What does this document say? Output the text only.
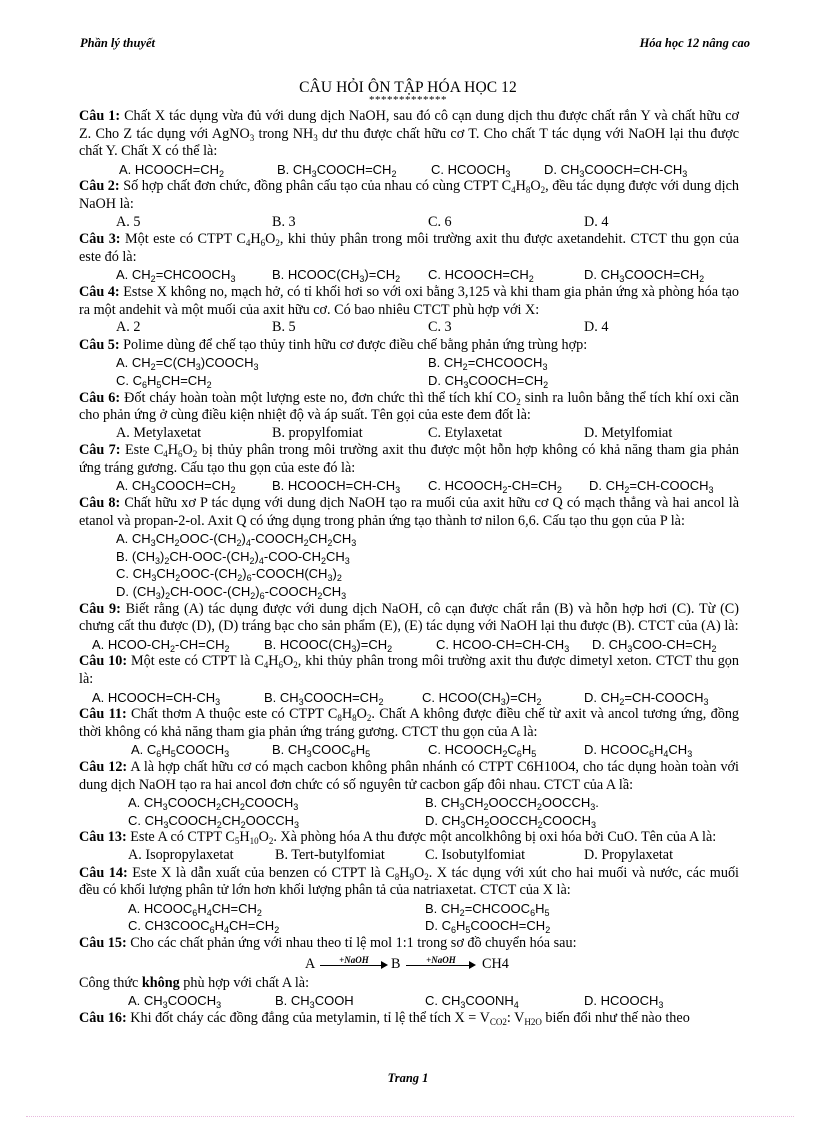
Phần lý thuyết	Hóa học 12 nâng cao
CÂU HỎI ÔN TẬP HÓA HỌC 12
*************

Câu 1: Chất X tác dụng vừa đủ với dung dịch NaOH, sau đó cô cạn dung dịch thu được chất rắn Y và chất hữu cơ Z. Cho Z tác dụng với AgNO$_3$ trong $NH_3$ dư thu được chất hữu cơ T. Cho chất T tác dụng với NaOH lại thu được chất Y. Chất X có thể là:

A. $HCOOCH=CH_2$	B. $CH_3COOCH=CH_2$	C. $HCOOCH_3$	D. $CH_3COOCH=CH-CH_3$

Câu 2: Số hợp chất đơn chức, đồng phân cấu tạo của nhau có cùng CTPT $C_4H_8O_2$, đều tác dụng được với dung dịch NaOH là:

A. 5	B. 3	C. 6	D. 4

Câu 3: Một este có CTPT $C_4H_6O_2$, khi thủy phân trong môi trường axit thu được axetandehit. CTCT thu gọn của este đó là:

A. $CH_2=CHCOOCH_3$	B. $HCOOC(CH_3)=CH_2$ C. $HCOOCH=CH_2$	D. $CH_3COOCH=CH_2$

Câu 4: Estse X không no, mạch hở, có tỉ khối hơi so với oxi bằng 3,125 và khi tham gia phản ứng xà phòng hóa tạo ra một andehit và một muối của axit hữu cơ. Có bao nhiêu CTCT phù hợp với X:

A. 2	B. 5	C. 3	D. 4

Câu 5: Polime dùng để chế tạo thủy tinh hữu cơ được điều chế bằng phản ứng trùng hợp:

A. $CH_2=C(CH_3)COOCH_3$	B. $CH_2=CHCOOCH_3$
C. $C_6H_5CH=CH_2$	D. $CH_3COOCH=CH_2$

Câu 6: Đốt cháy hoàn toàn một lượng este no, đơn chức thì thể tích khí $CO_2$ sinh ra luôn bằng thể tích khí oxi cần cho phản ứng ở cùng điều kiện nhiệt độ và áp suất. Tên gọi của este đem đốt là:

A. Metylaxetat	B. propylfomiat	C. Etylaxetat	D. Metylfomiat

Câu 7: Este $C_4H_6O_2$ bị thủy phân trong môi trường axit thu được một hỗn hợp không có khả năng tham gia phản ứng tráng gương. Cấu tạo thu gọn của este đó là:

A. $CH_3COOCH=CH_2$	B. $HCOOCH=CH-CH_3$ C. $HCOOCH_2-CH=CH_2$ D. $CH_2=CH-COOCH_3$

Câu 8: Chất hữu xơ P tác dụng với dung dịch NaOH tạo ra muối của axit hữu cơ Q có mạch thẳng và hai ancol là etanol và propan-2-ol. Axit Q có ứng dụng trong phản ứng tạo thành tơ nilon 6,6. Cấu tạo thu gọn của P là:

A. $CH_3CH_2OOC-(CH_2)_4-COOCH_2CH_2CH_3$
B. $(CH_3)_2CH-OOC-(CH_2)_4-COO-CH_2CH_3$
C. $CH_3CH_2OOC-(CH_2)_6-COOCH(CH_3)_2$
D. $(CH_3)_2CH-OOC-(CH_2)_6-COOCH_2CH_3$

Câu 9: Biết rằng (A) tác dụng được với dung dịch NaOH, cô cạn được chất rắn (B) và hỗn hợp hơi (C). Từ (C) chưng cất thu được (D), (D) tráng bạc cho sản phẩm (E), (E) tác dụng với NaOH lại thu được (B). CTCT của (A) là:

A. HCOO-$CH_2-CH=CH_2$	B. $HCOOC(CH_3)=CH_2$	C. HCOO-$CH=CH-CH_3$ D. $CH_3COO-CH=CH_2$

Câu 10: Một este có CTPT là $C_4H_6O_2$, khi thủy phân trong môi trường axit thu được dimetyl xeton. CTCT thu gọn là:

A. $HCOOCH=CH-CH_3$	B. $CH_3COOCH=CH_2$	C. $HCOO(CH_3)=CH_2$	D. $CH_2=CH-COOCH_3$

Câu 11: Chất thơm A thuộc este có CTPT $C_8H_8O_2$. Chất A không được điều chế từ axit và ancol tương ứng, đồng thời không có khả năng tham gia phản ứng tráng gương. CTCT thu gọn của A là:

A. $C_6H_5COOCH_3$	B. $CH_3COOC_6H_5$	C. $HCOOCH_2C_6H_5$	D. $HCOOC_6H_4CH_3$

Câu 12: A là hợp chất hữu cơ có mạch cacbon không phân nhánh có CTPT C6H10O4, cho tác dụng hoàn toàn với dung dịch NaOH tạo ra hai ancol đơn chức có số nguyên tử cacbon gấp đôi nhau. CTCT của A lầ:

A. $CH_3COOCH_2CH_2COOCH_3$	B. $CH_3CH_2OOCCH_2OOCCH_3$.
C. $CH_3COOCH_2CH_2OOCCH_3$	D. $CH_3CH_2OOCCH_2COOCH_3$

Câu 13: Este A có CTPT $C_5H_{10}O_2$. Xà phòng hóa A thu được một ancolkhông bị oxi hóa bởi CuO. Tên của A là:

A. Isopropylaxetat	B. Tert-butylfomiat	C. Isobutylfomiat	D. Propylaxetat

Câu 14: Este X là dẫn xuất của benzen có CTPT là $C_8H_9O_2$. X tác dụng với xút cho hai muối và nước, các muối đều có khối lượng phân tử lớn hơn khối lượng phân tả của natriaxetat. CTCT của X là:

A. $HCOOC_6H_4CH=CH_2$	B. $CH_2=CHCOOC_6H_5$
C. $CH3COOC_6H_4CH=CH_2$	D. $C_6H_5COOCH=CH_2$

Câu 15: Cho các chất phản ứng với nhau theo tỉ lệ mol 1:1 trong sơ đồ chuyển hóa sau:

A	+NaOH	B	+NaOH	CH4

Công thức không phù hợp với chất A là:

A. $CH_3COOCH_3$	B. $CH_3COOH$	C. $CH_3COONH_4$	D. $HCOOCH_3$

Câu 16: Khi đốt cháy các đồng đẳng của metylamin, tỉ lệ thể tích $X = V_{CO2}$: $V_{H2O}$ biến đổi như thế nào theo

Trang 1
